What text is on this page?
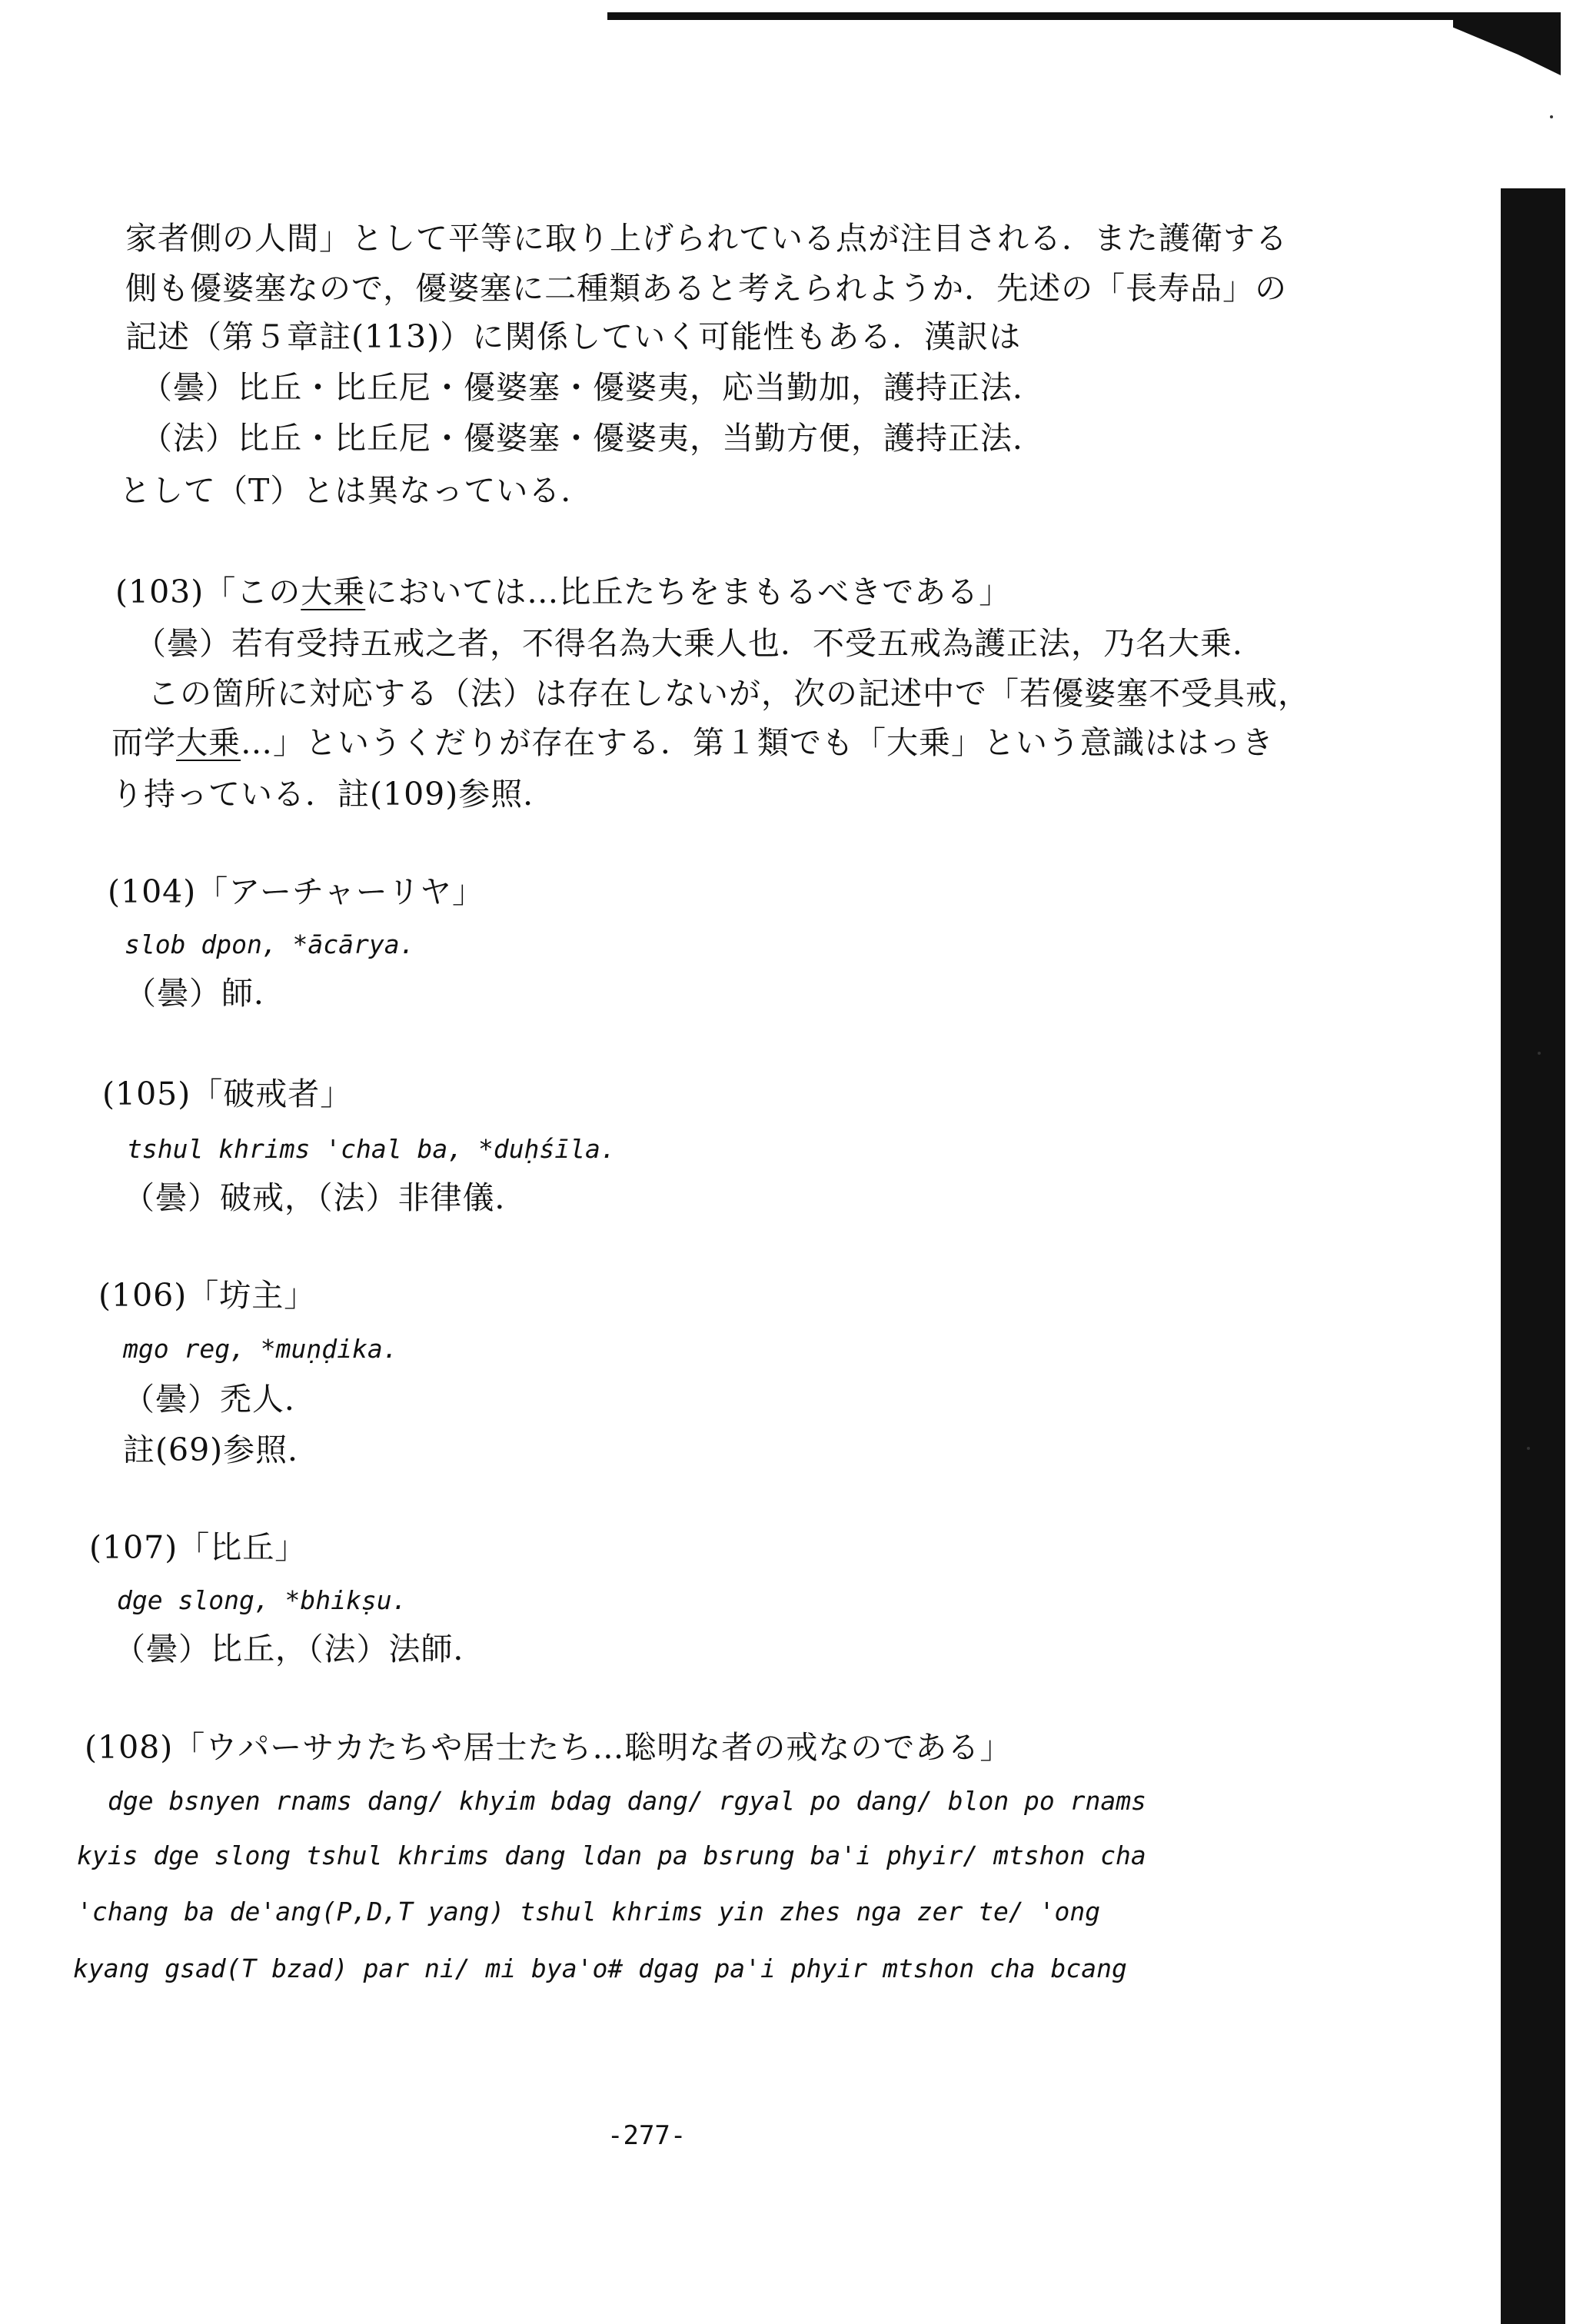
家者側の人間」として平等に取り上げられている点が注目される．また護衛する
側も優婆塞なので，優婆塞に二種類あると考えられようか．先述の「長寿品」の
記述（第５章註(113)）に関係していく可能性もある．漢訳は
（曇）比丘・比丘尼・優婆塞・優婆夷，応当勤加，護持正法．
（法）比丘・比丘尼・優婆塞・優婆夷，当勤方便，護持正法．
として（T）とは異なっている．
(103)「この大乗においては…比丘たちをまもるべきである」
（曇）若有受持五戒之者，不得名為大乗人也．不受五戒為護正法，乃名大乗．
この箇所に対応する（法）は存在しないが，次の記述中で「若優婆塞不受具戒，
而学大乗…」というくだりが存在する．第１類でも「大乗」という意識ははっき
り持っている．註(109)参照．
(104)「アーチャーリヤ」
slob dpon, *ācārya.
（曇）師．
(105)「破戒者」
tshul khrims 'chal ba, *duḥśīla.
（曇）破戒，（法）非律儀．
(106)「坊主」
mgo reg, *muṇḍika.
（曇）禿人．
註(69)参照．
(107)「比丘」
dge slong, *bhikṣu.
（曇）比丘，（法）法師．
(108)「ウパーサカたちや居士たち…聡明な者の戒なのである」
dge bsnyen rnams dang/ khyim bdag dang/ rgyal po dang/ blon po rnams
kyis dge slong tshul khrims dang ldan pa bsrung ba'i phyir/ mtshon cha
'chang ba de'ang(P,D,T yang) tshul khrims yin zhes nga zer te/ 'ong
kyang gsad(T bzad) par ni/ mi bya'o# dgag pa'i phyir mtshon cha bcang
-277-
